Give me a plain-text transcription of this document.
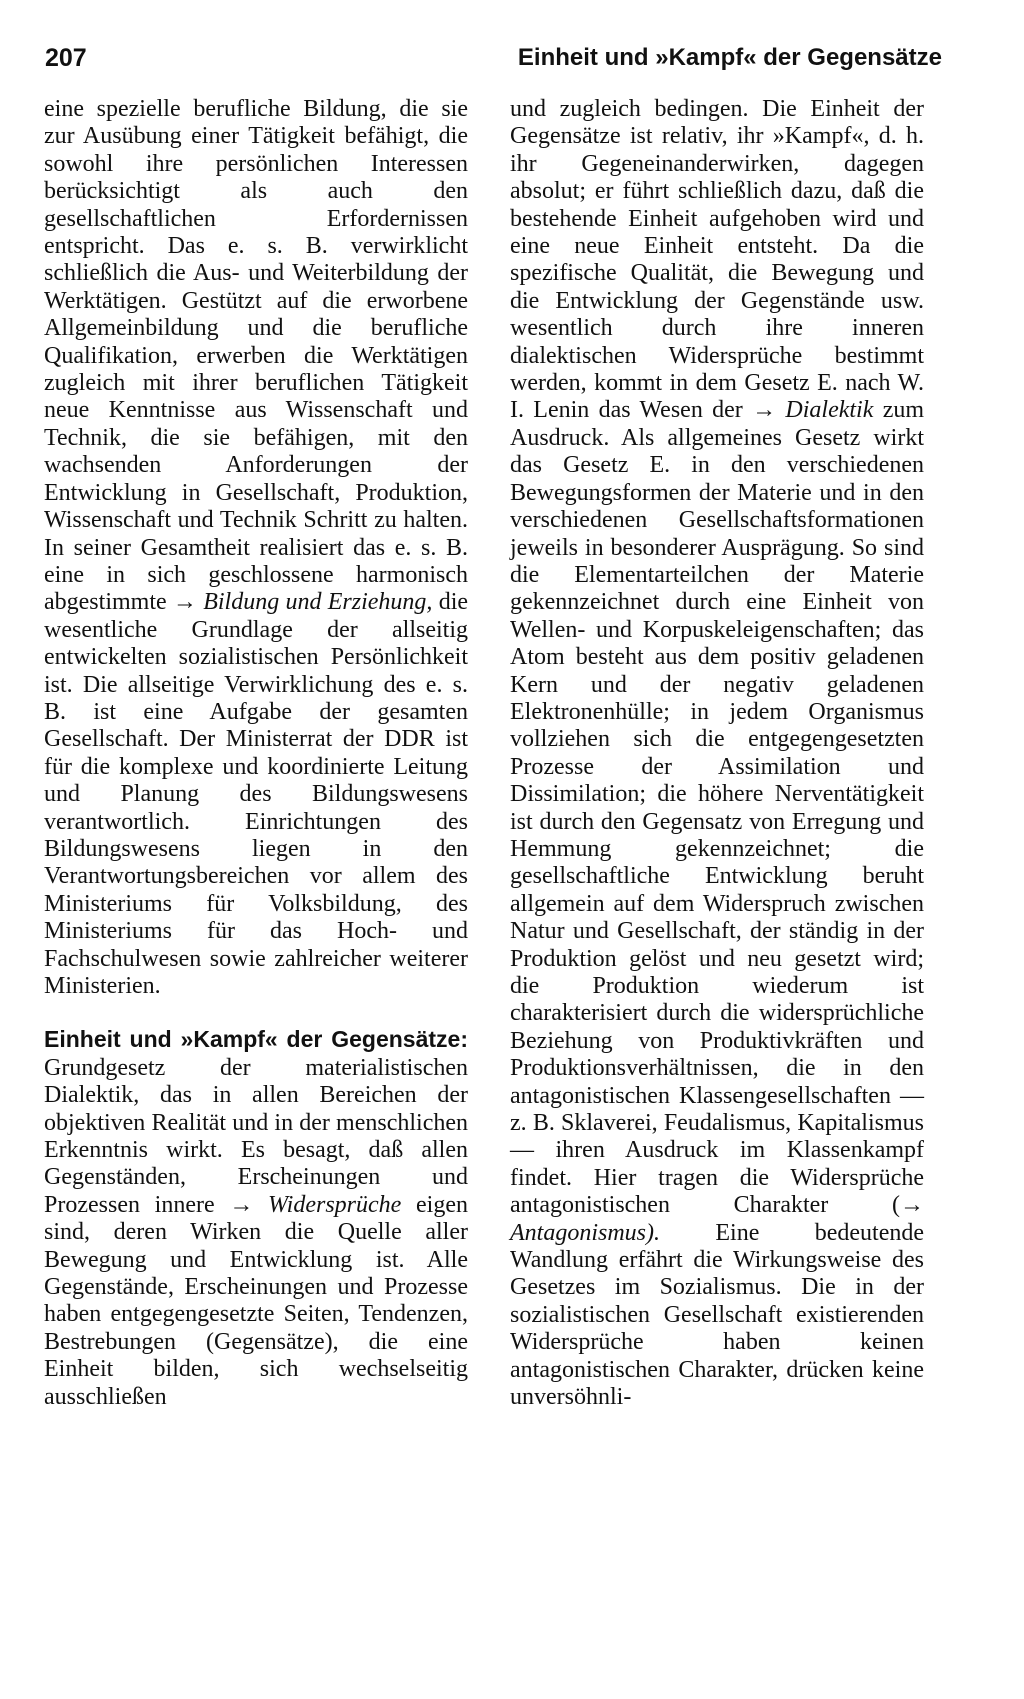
207	Einheit und »Kampf« der Gegensätze

eine spezielle berufliche Bildung, die sie zur Ausübung einer Tätigkeit befähigt, die sowohl ihre persönlichen Interessen berücksichtigt als auch den gesellschaftlichen Erfordernissen entspricht. Das e. s. B. verwirklicht schließlich die Aus- und Weiterbildung der Werktätigen. Gestützt auf die erworbene Allgemeinbildung und die berufliche Qualifikation, erwerben die Werktätigen zugleich mit ihrer beruflichen Tätigkeit neue Kenntnisse aus Wissenschaft und Technik, die sie befähigen, mit den wachsenden Anforderungen der Entwicklung in Gesellschaft, Produktion, Wissenschaft und Technik Schritt zu halten. In seiner Gesamtheit realisiert das e. s. B. eine in sich geschlossene harmonisch abgestimmte → Bildung und Erziehung, die wesentliche Grundlage der allseitig entwickelten sozialistischen Persönlichkeit ist. Die allseitige Verwirklichung des e. s. B. ist eine Aufgabe der gesamten Gesellschaft. Der Ministerrat der DDR ist für die komplexe und koordinierte Leitung und Planung des Bildungswesens verantwortlich. Einrichtungen des Bildungswesens liegen in den Verantwortungsbereichen vor allem des Ministeriums für Volksbildung, des Ministeriums für das Hoch- und Fachschulwesen sowie zahlreicher weiterer Ministerien.

Einheit und »Kampf« der Gegensätze: Grundgesetz der materialistischen Dialektik, das in allen Bereichen der objektiven Realität und in der menschlichen Erkenntnis wirkt. Es besagt, daß allen Gegenständen, Erscheinungen und Prozessen innere → Widersprüche eigen sind, deren Wirken die Quelle aller Bewegung und Entwicklung ist. Alle Gegenstände, Erscheinungen und Prozesse haben entgegengesetzte Seiten, Tendenzen, Bestrebungen (Gegensätze), die eine Einheit bilden, sich wechselseitig ausschließen

und zugleich bedingen. Die Einheit der Gegensätze ist relativ, ihr »Kampf«, d. h. ihr Gegeneinanderwirken, dagegen absolut; er führt schließlich dazu, daß die bestehende Einheit aufgehoben wird und eine neue Einheit entsteht. Da die spezifische Qualität, die Bewegung und die Entwicklung der Gegenstände usw. wesentlich durch ihre inneren dialektischen Widersprüche bestimmt werden, kommt in dem Gesetz E. nach W. I. Lenin das Wesen der → Dialektik zum Ausdruck. Als allgemeines Gesetz wirkt das Gesetz E. in den verschiedenen Bewegungsformen der Materie und in den verschiedenen Gesellschaftsformationen jeweils in besonderer Ausprägung. So sind die Elementarteilchen der Materie gekennzeichnet durch eine Einheit von Wellen- und Korpuskeleigenschaften; das Atom besteht aus dem positiv geladenen Kern und der negativ geladenen Elektronenhülle; in jedem Organismus vollziehen sich die entgegengesetzten Prozesse der Assimilation und Dissimilation; die höhere Nerventätigkeit ist durch den Gegensatz von Erregung und Hemmung gekennzeichnet; die gesellschaftliche Entwicklung beruht allgemein auf dem Widerspruch zwischen Natur und Gesellschaft, der ständig in der Produktion gelöst und neu gesetzt wird; die Produktion wiederum ist charakterisiert durch die widersprüchliche Beziehung von Produktivkräften und Produktionsverhältnissen, die in den antagonistischen Klassengesellschaften — z. B. Sklaverei, Feudalismus, Kapitalismus — ihren Ausdruck im Klassenkampf findet. Hier tragen die Widersprüche antagonistischen Charakter (→ Antagonismus). Eine bedeutende Wandlung erfährt die Wirkungsweise des Gesetzes im Sozialismus. Die in der sozialistischen Gesellschaft existierenden Widersprüche haben keinen antagonistischen Charakter, drücken keine unversöhnli-
